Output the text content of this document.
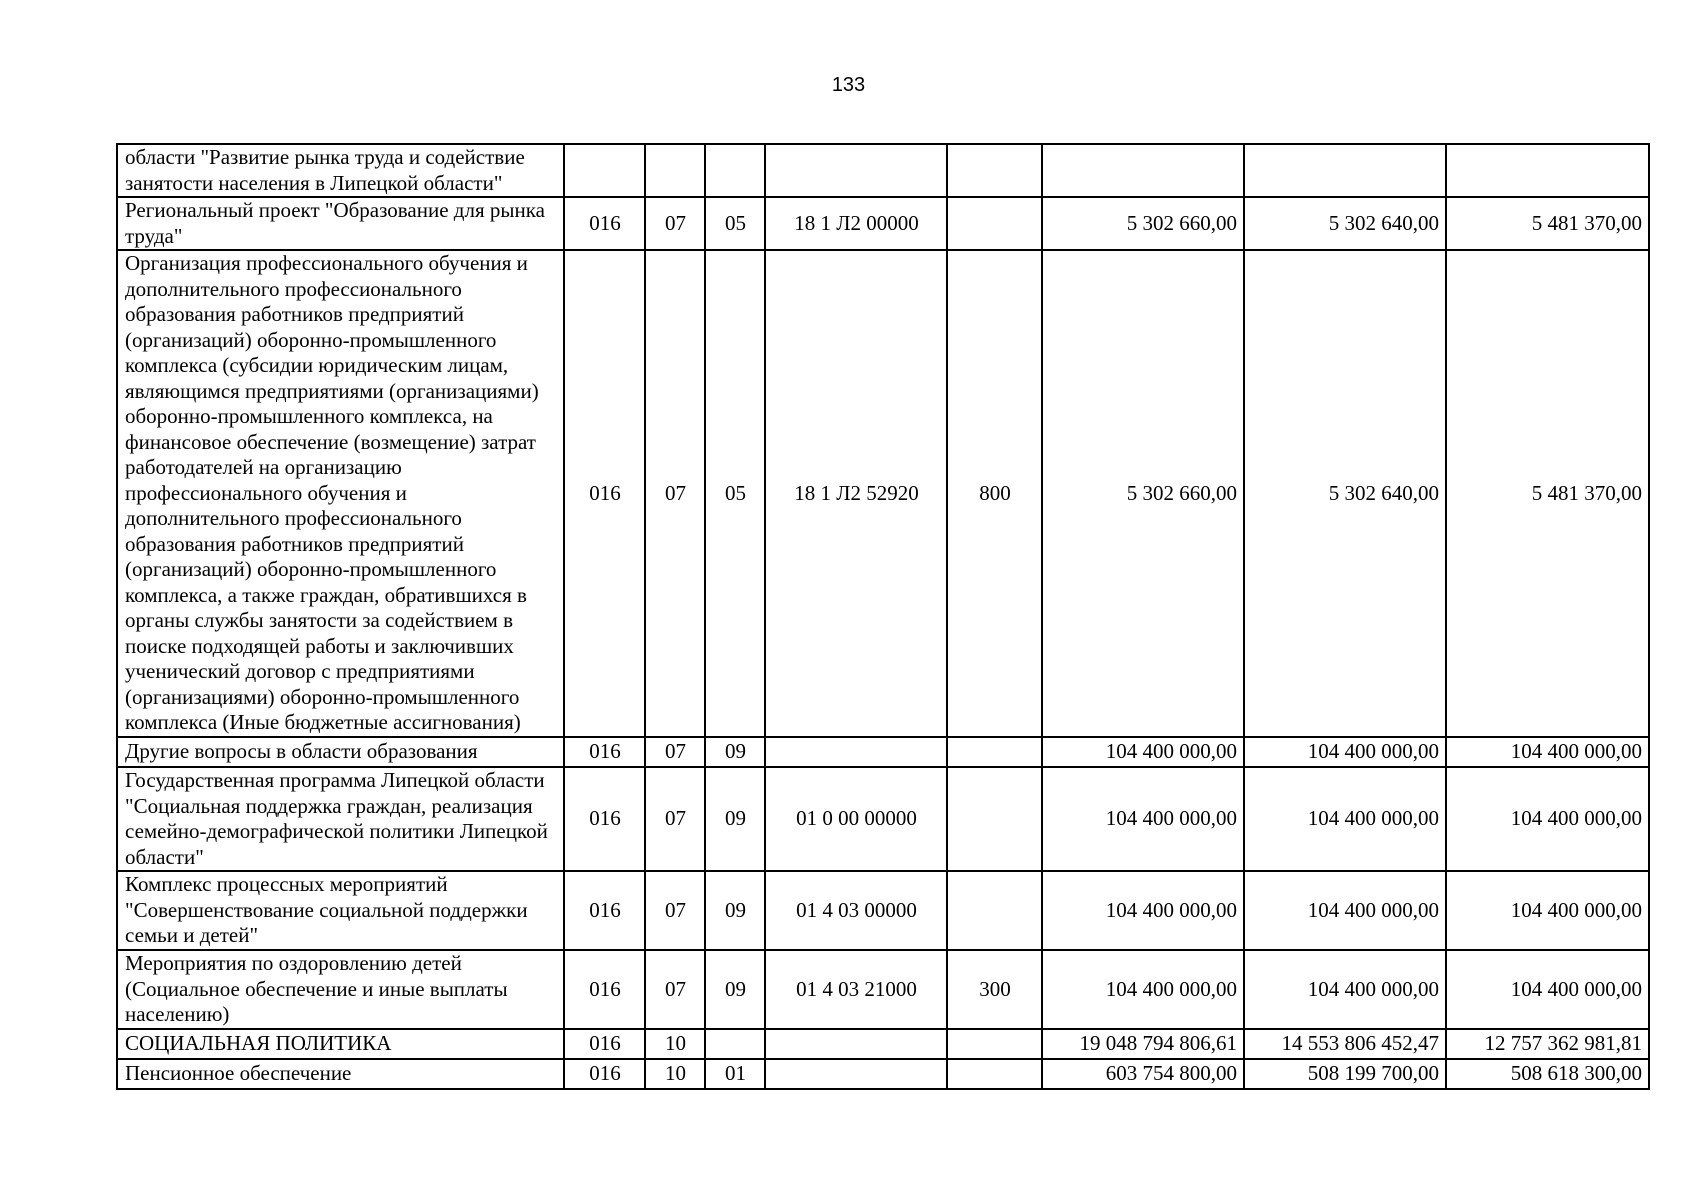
133
области "Развитие рынка труда и содействие занятости населения в Липецкой области"								
Региональный проект "Образование для рынка труда"	016	07	05	18 1 Л2 00000		5 302 660,00	5 302 640,00	5 481 370,00
Организация профессионального обучения и дополнительного профессионального образования работников предприятий (организаций) оборонно-промышленного комплекса (субсидии юридическим лицам, являющимся предприятиями (организациями) оборонно-промышленного комплекса, на финансовое обеспечение (возмещение) затрат работодателей на организацию профессионального обучения и дополнительного профессионального образования работников предприятий (организаций) оборонно-промышленного комплекса, а также граждан, обратившихся в органы службы занятости за содействием в поиске подходящей работы и заключивших ученический договор с предприятиями (организациями) оборонно-промышленного комплекса (Иные бюджетные ассигнования)	016	07	05	18 1 Л2 52920	800	5 302 660,00	5 302 640,00	5 481 370,00
Другие вопросы в области образования	016	07	09			104 400 000,00	104 400 000,00	104 400 000,00
Государственная программа Липецкой области "Социальная поддержка граждан, реализация семейно-демографической политики Липецкой области"	016	07	09	01 0 00 00000		104 400 000,00	104 400 000,00	104 400 000,00
Комплекс процессных мероприятий "Совершенствование социальной поддержки семьи и детей"	016	07	09	01 4 03 00000		104 400 000,00	104 400 000,00	104 400 000,00
Мероприятия по оздоровлению детей (Социальное обеспечение и иные выплаты населению)	016	07	09	01 4 03 21000	300	104 400 000,00	104 400 000,00	104 400 000,00
СОЦИАЛЬНАЯ ПОЛИТИКА	016	10				19 048 794 806,61	14 553 806 452,47	12 757 362 981,81
Пенсионное обеспечение	016	10	01			603 754 800,00	508 199 700,00	508 618 300,00
